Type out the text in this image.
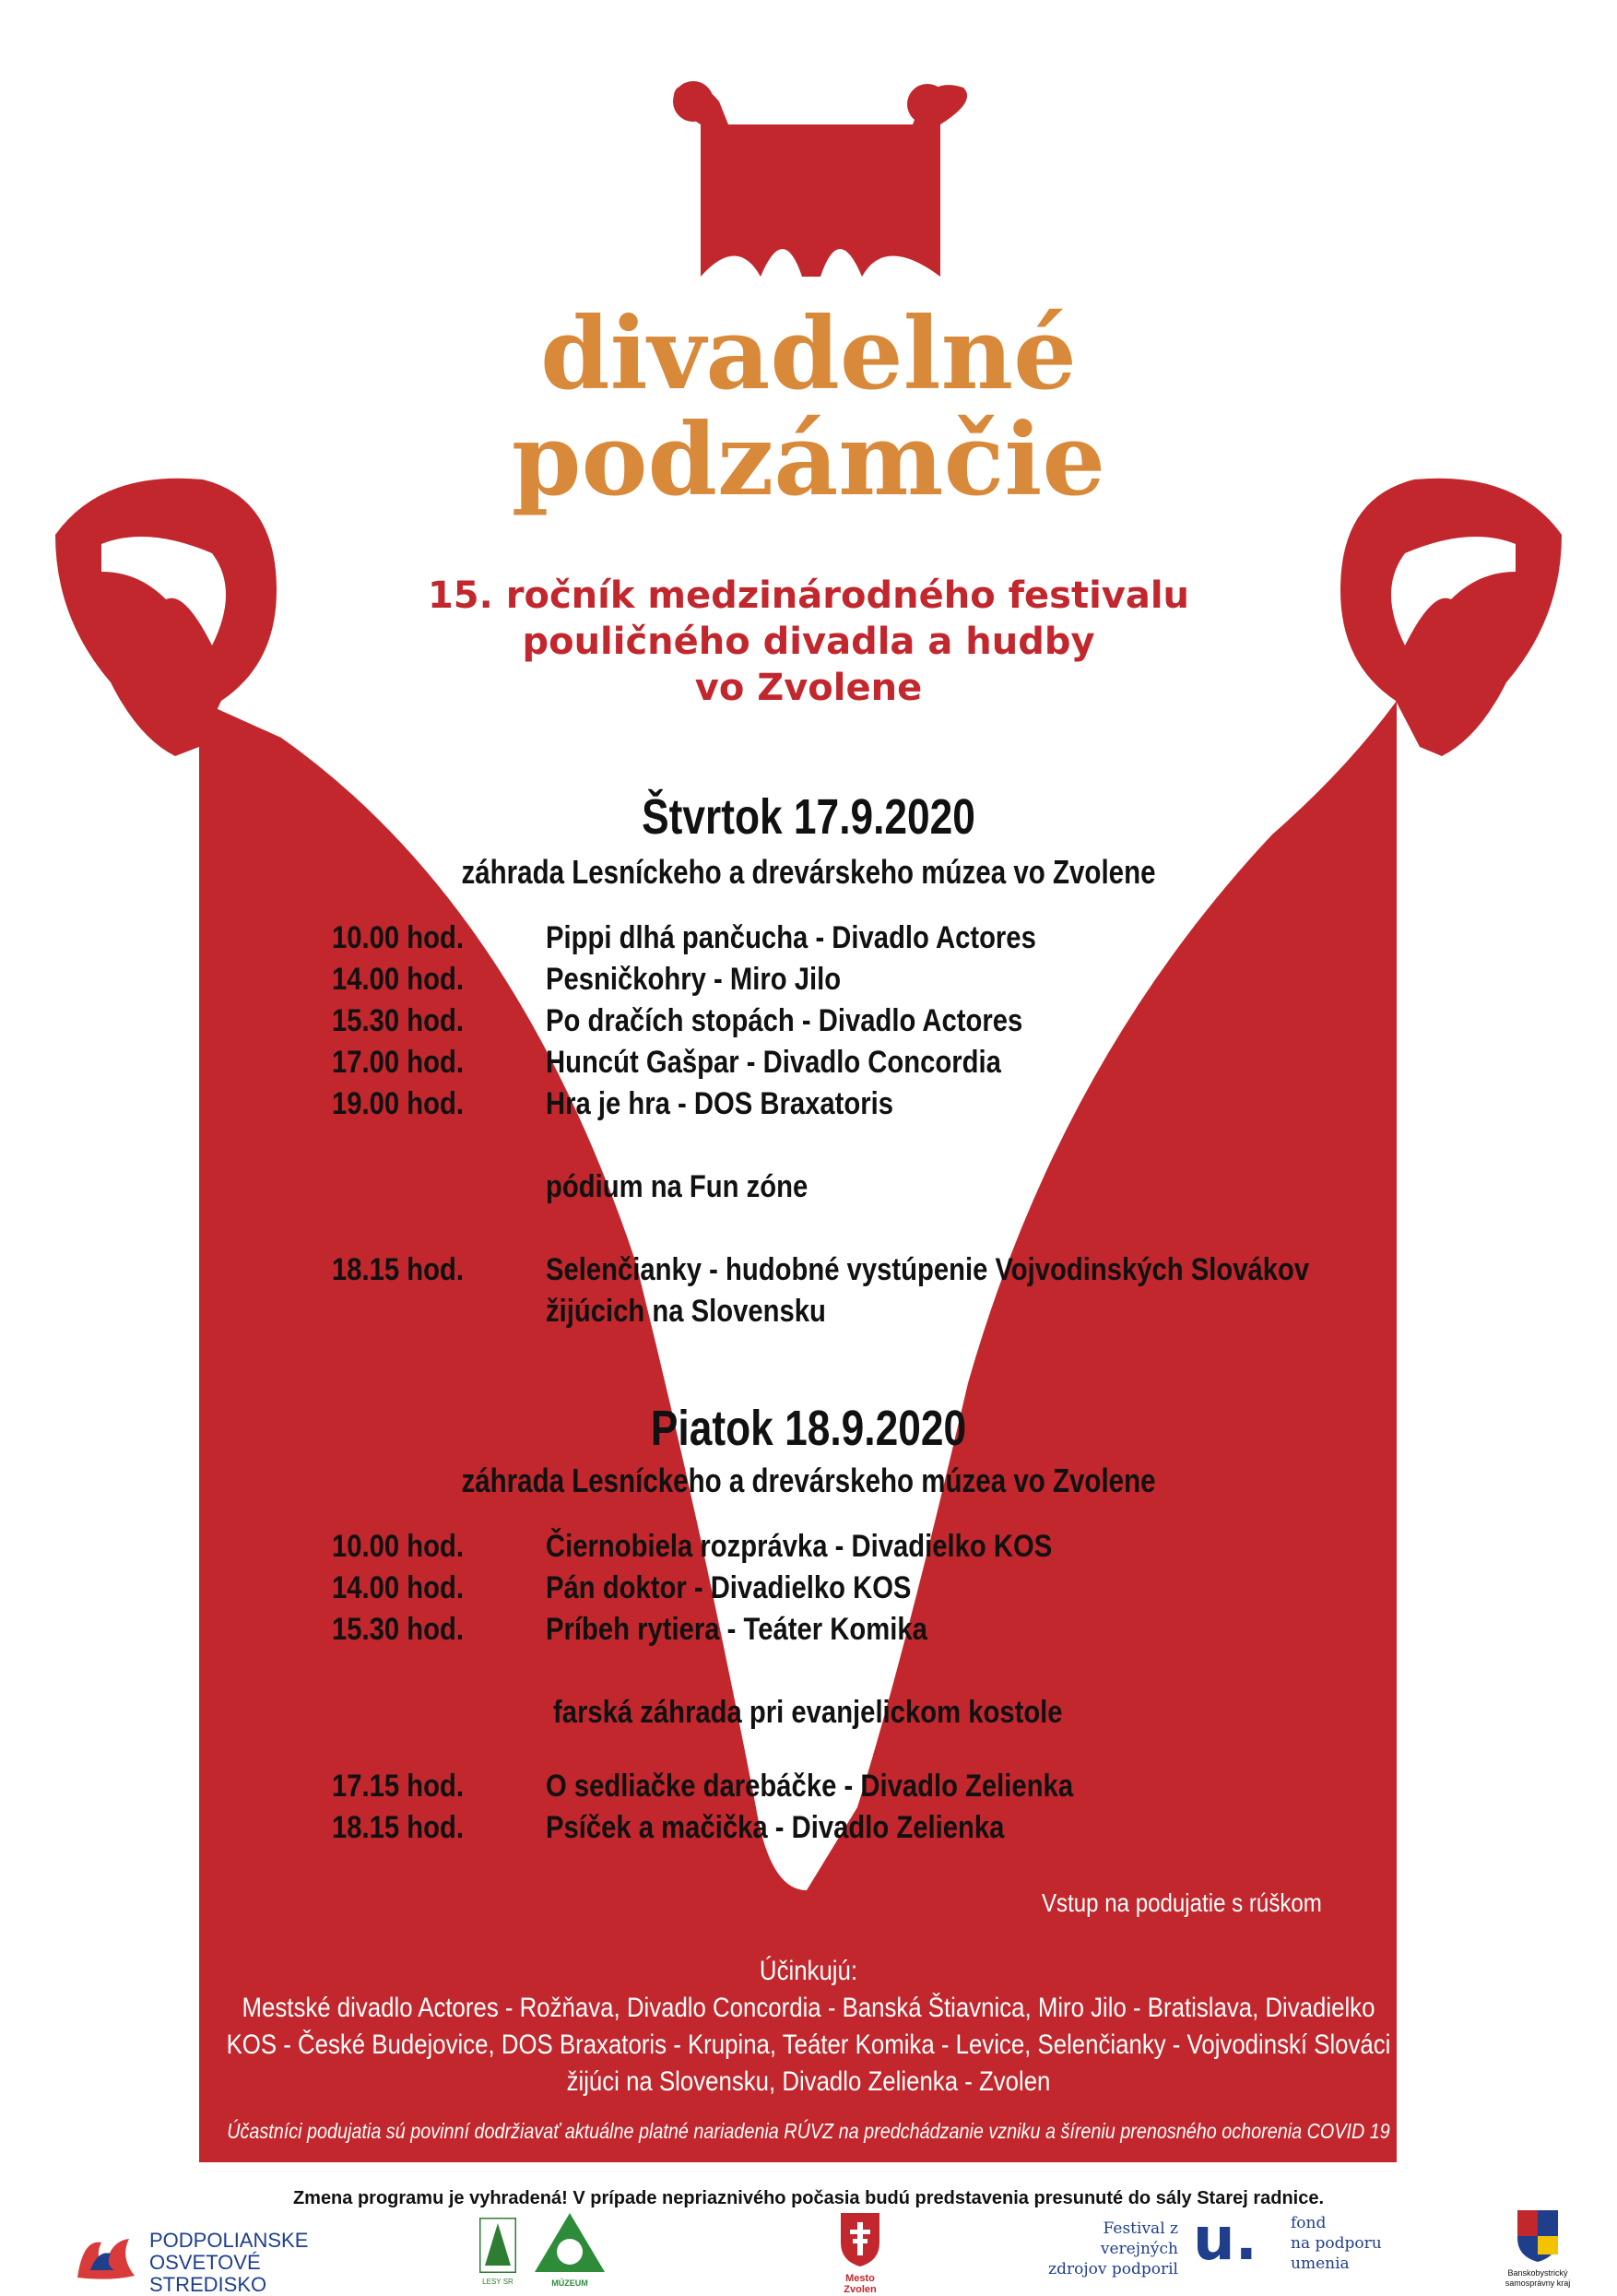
divadelné
podzámčie
15. ročník medzinárodného festivalu
pouličného divadla a hudby
vo Zvolene
Štvrtok 17.9.2020
záhrada Lesníckeho a drevárskeho múzea vo Zvolene
10.00 hod.	Pippi dlhá pančucha - Divadlo Actores
14.00 hod.	Pesničkohry - Miro Jilo
15.30 hod.	Po dračích stopách - Divadlo Actores
17.00 hod.	Huncút Gašpar - Divadlo Concordia
19.00 hod.	Hra je hra - DOS Braxatoris
pódium na Fun zóne
18.15 hod.	Selenčianky - hudobné vystúpenie Vojvodinských Slovákov
žijúcich na Slovensku
Piatok 18.9.2020
záhrada Lesníckeho a drevárskeho múzea vo Zvolene
10.00 hod.	Čiernobiela rozprávka - Divadielko KOS
14.00 hod.	Pán doktor - Divadielko KOS
15.30 hod.	Príbeh rytiera - Teáter Komika
farská záhrada pri evanjelickom kostole
17.15 hod.	O sedliačke darebáčke - Divadlo Zelienka
18.15 hod.	Psíček a mačička - Divadlo Zelienka
Vstup na podujatie s rúškom
Účinkujú:
Mestské divadlo Actores - Rožňava, Divadlo Concordia - Banská Štiavnica, Miro Jilo - Bratislava, Divadielko
KOS - České Budejovice, DOS Braxatoris - Krupina, Teáter Komika - Levice, Selenčianky - Vojvodinskí Slováci
žijúci na Slovensku, Divadlo Zelienka - Zvolen
Účastníci podujatia sú povinní dodržiavať aktuálne platné nariadenia RÚVZ na predchádzanie vzniku a šíreniu prenosného ochorenia COVID 19
Zmena programu je vyhradená! V prípade nepriaznivého počasia budú predstavenia presunuté do sály Starej radnice.
PODPOLIANSKE
OSVETOVÉ
STREDISKO	LESY SR	MÚZEUM	Mesto Zvolen
Festival z verejných
zdrojov podporil u. fond
na podporu
umenia	Banskobystrický
samosprávny kraj
